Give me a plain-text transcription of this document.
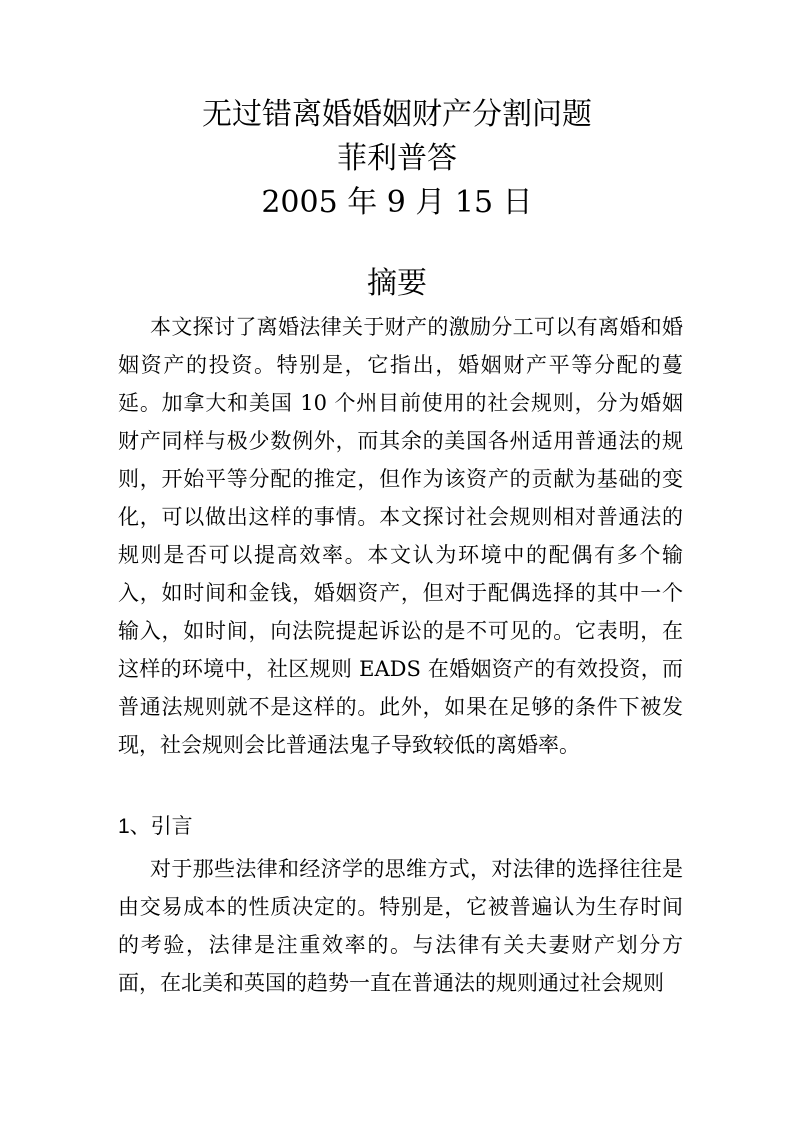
无过错离婚婚姻财产分割问题
菲利普答
2005 年 9 月 15 日
摘要

本文探讨了离婚法律关于财产的激励分工可以有离婚和婚姻资产的投资。特别是，它指出，婚姻财产平等分配的蔓延。加拿大和美国 10 个州目前使用的社会规则，分为婚姻财产同样与极少数例外，而其余的美国各州适用普通法的规则，开始平等分配的推定，但作为该资产的贡献为基础的变化，可以做出这样的事情。本文探讨社会规则相对普通法的规则是否可以提高效率。本文认为环境中的配偶有多个输入，如时间和金钱，婚姻资产，但对于配偶选择的其中一个输入，如时间，向法院提起诉讼的是不可见的。它表明，在这样的环境中，社区规则 EADS 在婚姻资产的有效投资，而普通法规则就不是这样的。此外，如果在足够的条件下被发现，社会规则会比普通法鬼子导致较低的离婚率。

1、引言

对于那些法律和经济学的思维方式，对法律的选择往往是由交易成本的性质决定的。特别是，它被普遍认为生存时间的考验，法律是注重效率的。与法律有关夫妻财产划分方面，在北美和英国的趋势一直在普通法的规则通过社会规则
